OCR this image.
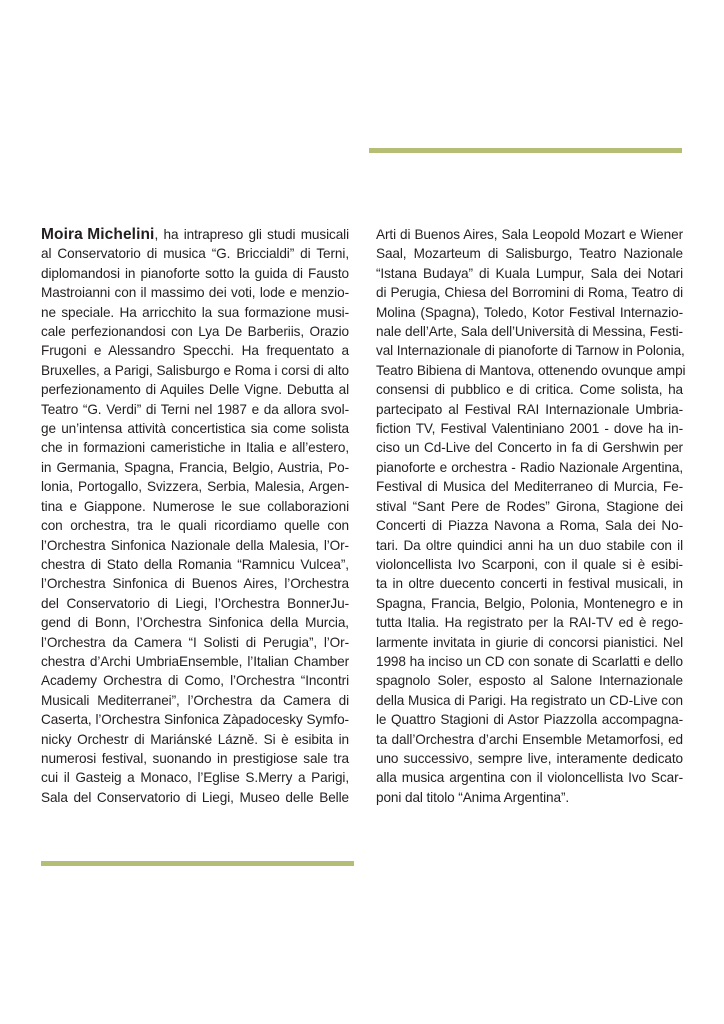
Moira Michelini , ha intrapreso gli studi musicali
al Conservatorio di musica “G. Briccialdi” di Terni,
diplomandosi in pianoforte sotto la guida di Fausto
Mastroianni con il massimo dei voti, lode e menzio-
ne speciale. Ha arricchito la sua formazione musi-
cale perfezionandosi con Lya De Barberiis, Orazio
Frugoni e Alessandro Specchi. Ha frequentato a
Bruxelles, a Parigi, Salisburgo e Roma i corsi di alto
perfezionamento di Aquiles Delle Vigne. Debutta al
Teatro “G. Verdi” di Terni nel 1987 e da allora svol-
ge un’intensa attività concertistica sia come solista
che in formazioni cameristiche in Italia e all’estero,
in Germania, Spagna, Francia, Belgio, Austria, Po-
lonia, Portogallo, Svizzera, Serbia, Malesia, Argen-
tina e Giappone. Numerose le sue collaborazioni
con orchestra, tra le quali ricordiamo quelle con
l’Orchestra Sinfonica Nazionale della Malesia, l’Or-
chestra di Stato della Romania “Ramnicu Vulcea”,
l’Orchestra Sinfonica di Buenos Aires, l’Orchestra
del Conservatorio di Liegi, l’Orchestra BonnerJu-
gend di Bonn, l’Orchestra Sinfonica della Murcia,
l’Orchestra da Camera “I Solisti di Perugia”, l’Or-
chestra d’Archi UmbriaEnsemble, l’Italian Chamber
Academy Orchestra di Como, l’Orchestra “Incontri
Musicali Mediterranei”, l’Orchestra da Camera di
Caserta, l’Orchestra Sinfonica Zàpadocesky Symfo-
nicky Orchestr di Mariánské Lázně. Si è esibita in
numerosi festival, suonando in prestigiose sale tra
cui il Gasteig a Monaco, l’Eglise S.Merry a Parigi,
Sala del Conservatorio di Liegi, Museo delle Belle
Arti di Buenos Aires, Sala Leopold Mozart e Wiener
Saal, Mozarteum di Salisburgo, Teatro Nazionale
“Istana Budaya” di Kuala Lumpur, Sala dei Notari
di Perugia, Chiesa del Borromini di Roma, Teatro di
Molina (Spagna), Toledo, Kotor Festival Internazio-
nale dell’Arte, Sala dell’Università di Messina, Festi-
val Internazionale di pianoforte di Tarnow in Polonia,
Teatro Bibiena di Mantova, ottenendo ovunque ampi
consensi di pubblico e di critica. Come solista, ha
partecipato al Festival RAI Internazionale Umbria-
fiction TV, Festival Valentiniano 2001 - dove ha in-
ciso un Cd-Live del Concerto in fa di Gershwin per
pianoforte e orchestra - Radio Nazionale Argentina,
Festival di Musica del Mediterraneo di Murcia, Fe-
stival “Sant Pere de Rodes” Girona, Stagione dei
Concerti di Piazza Navona a Roma, Sala dei No-
tari. Da oltre quindici anni ha un duo stabile con il
violoncellista Ivo Scarponi, con il quale si è esibi-
ta in oltre duecento concerti in festival musicali, in
Spagna, Francia, Belgio, Polonia, Montenegro e in
tutta Italia. Ha registrato per la RAI-TV ed è rego-
larmente invitata in giurie di concorsi pianistici. Nel
1998 ha inciso un CD con sonate di Scarlatti e dello
spagnolo Soler, esposto al Salone Internazionale
della Musica di Parigi. Ha registrato un CD-Live con
le Quattro Stagioni di Astor Piazzolla accompagna-
ta dall’Orchestra d’archi Ensemble Metamorfosi, ed
uno successivo, sempre live, interamente dedicato
alla musica argentina con il violoncellista Ivo Scar-
poni dal titolo “Anima Argentina”.
